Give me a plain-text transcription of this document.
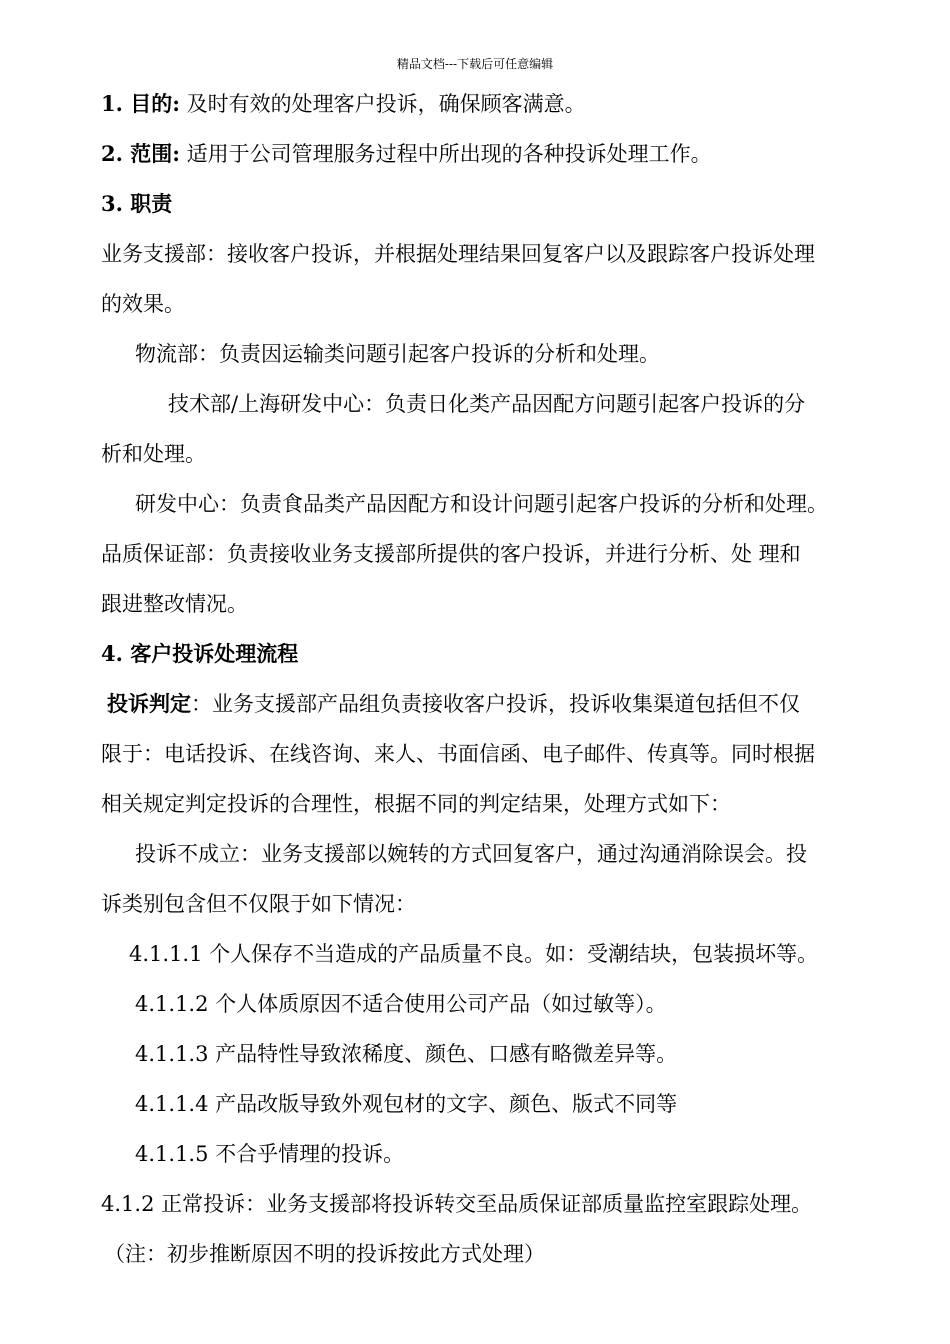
精品文档---下载后可任意编辑
1. 目的: 及时有效的处理客户投诉，确保顾客满意。
2. 范围: 适用于公司管理服务过程中所出现的各种投诉处理工作。
3. 职责
业务支援部：接收客户投诉，并根据处理结果回复客户以及跟踪客户投诉处理
的效果。
物流部：负责因运输类问题引起客户投诉的分析和处理。
技术部/上海研发中心：负责日化类产品因配方问题引起客户投诉的分
析和处理。
研发中心：负责食品类产品因配方和设计问题引起客户投诉的分析和处理。
品质保证部：负责接收业务支援部所提供的客户投诉，并进行分析、处 理和
跟进整改情况。
4. 客户投诉处理流程
投诉判定：业务支援部产品组负责接收客户投诉，投诉收集渠道包括但不仅
限于：电话投诉、在线咨询、来人、书面信函、电子邮件、传真等。同时根据
相关规定判定投诉的合理性，根据不同的判定结果，处理方式如下：
投诉不成立：业务支援部以婉转的方式回复客户，通过沟通消除误会。投
诉类别包含但不仅限于如下情况：
4.1.1.1 个人保存不当造成的产品质量不良。如：受潮结块，包装损坏等。
4.1.1.2 个人体质原因不适合使用公司产品（如过敏等）。
4.1.1.3 产品特性导致浓稀度、颜色、口感有略微差异等。
4.1.1.4 产品改版导致外观包材的文字、颜色、版式不同等
4.1.1.5 不合乎情理的投诉。
4.1.2 正常投诉：业务支援部将投诉转交至品质保证部质量监控室跟踪处理。
（注：初步推断原因不明的投诉按此方式处理）
